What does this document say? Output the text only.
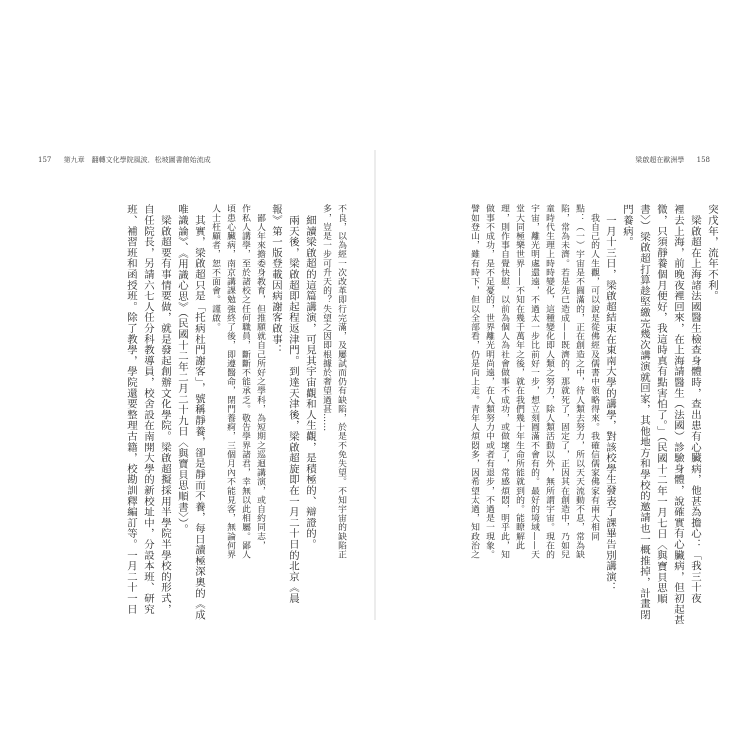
157 第九章　翻轉文化學院風波．松坡圖書館始流成	梁啟超在歐洲學 158
突戊年，流年不利。
　梁啟超在上海諸法國醫生檢查身體時，查出患有心臟病，他甚為擔心：「我三十夜
裡去上海，前晚夜裡回來，在上海請醫生（法國）診驗身體，說確實有心臟病，但初起甚
微，只須靜養個月便好，我這時真有點害怕了。」（民國十二年一月七日〈與寶貝思順
書〉）梁啟超打算趁堅繳完幾次講演就回家，其他地方和學校的邀請也一概推掉，計畫閉
門養病。
　一月十三日，梁啟超結束在東南大學的講學，對該校學生發表了課畢告別講演：
　我自己的人生觀，可以說是從佛經及儒書中領略得來。我確信儒家佛家有兩大相同
點：（一）宇宙是不圓滿的，正在創造之中，待人類去努力，所以天天流動不息，常為缺
陷，常為未濟。若是先已造成——既濟的，那就死了，固定了，正因其在創造中，乃如兒
童時代生理上時時變化，這種變化即人類之努力，除人類活動以外，無所謂宇宙。現在的
宇宙，離光明處還遠，不過太一步比前好一步，想立刻圓滿不會有的。最好的境域——天
堂大同極樂世界——不知在幾千萬年之後，就在我們幾十年生命所能就到的。能瞭解此
理，則作事自覺快慰，以前為個人為社會做事不成功，或做壞了，常感煩悶，明乎此，知
做事不成功，是不足憂的，世界離光明尚遠，在人類努力中或者有退步，不過是一現象。
譬如登山，雖有時下，但以全部看，仍是向上走。青年人煩悶多，因希望太過，知政治之
不良，以為經一次改革即行完滿，及屢試而仍有缺陷，於是不免失望。不知宇宙的缺陷正
多，豈是一步可升天的？失望之因即根據於奢望過甚……
　細讀梁啟超的這篇講演，可見其宇宙觀和人生觀，是積極的、辯證的。
　兩天後，梁啟超即起程返津門。到達天津後，梁啟超旋即在一月二十日的北京《晨
報》第一版登載因病謝客啟事：
　鄙人年來擔委身教育，但推願就自己所好之學科，為短期之巡迴講演，或自約同志，
作私人講學，至於諸校之任何職員，斷斷不能承乏。敬告學界諸君，幸無以此相屬。鄙人
頃患心臟病，南京講課勉強終了後，即遵醫命，閉門養痾，三個月內不能見客，無論何界
人士枉顧者，恕不面會。謹啟。
　其實，梁啟超只是「托病杜門謝客」，號稱靜養，卻是靜而不養，每日讀極深奧的《成
唯識論》、《用識心思》（民國十二年二月二十九日〈與寶貝思順書〉）。
　梁啟超要有事情要做，就是發起創辦文化學院。梁啟超擬採用半學院半學校的形式，
自任院長，另請六七人任分科教導員，校舍設在南開大學的新校址中，分設本班、研究
班、補習班和函授班。除了教學，學院還要整理古籍，校勘訓釋編訂等。一月二十一日
